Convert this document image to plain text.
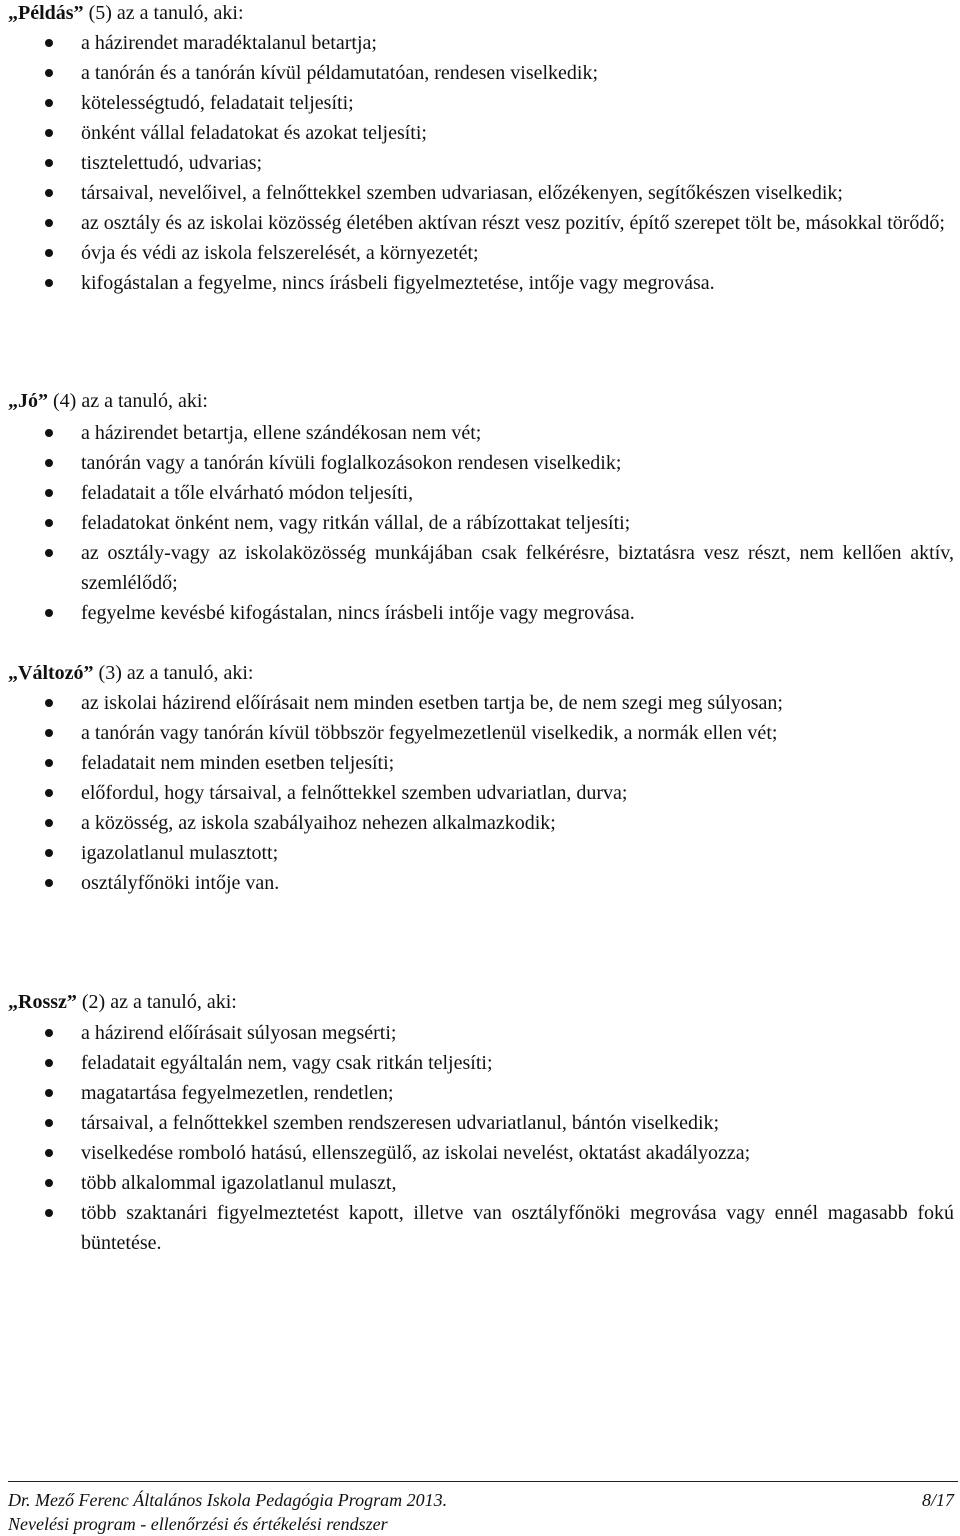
„Példás” (5) az a tanuló, aki:
a házirendet maradéktalanul betartja;
a tanórán és a tanórán kívül példamutatóan, rendesen viselkedik;
kötelességtudó, feladatait teljesíti;
önként vállal feladatokat és azokat teljesíti;
tisztelettudó, udvarias;
társaival, nevelőivel, a felnőttekkel szemben udvariasan, előzékenyen, segítőkészen viselkedik;
az osztály és az iskolai közösség életében aktívan részt vesz pozitív, építő szerepet tölt be, másokkal törődő;
óvja és védi az iskola felszerelését, a környezetét;
kifogástalan a fegyelme, nincs írásbeli figyelmeztetése, intője vagy megrovása.
„Jó” (4) az a tanuló, aki:
a házirendet betartja, ellene szándékosan nem vét;
tanórán vagy a tanórán kívüli foglalkozásokon rendesen viselkedik;
feladatait a tőle elvárható módon teljesíti,
feladatokat önként nem, vagy ritkán vállal, de a rábízottakat teljesíti;
az osztály-vagy az iskolaközösség munkájában csak felkérésre, biztatásra vesz részt, nem kellően aktív, szemlélődő;
fegyelme kevésbé kifogástalan, nincs írásbeli intője vagy megrovása.
„Változó” (3) az a tanuló, aki:
az iskolai házirend előírásait nem minden esetben tartja be, de nem szegi meg súlyosan;
a tanórán vagy tanórán kívül többször fegyelmezetlenül viselkedik, a normák ellen vét;
feladatait nem minden esetben teljesíti;
előfordul, hogy társaival, a felnőttekkel szemben udvariatlan, durva;
a közösség, az iskola szabályaihoz nehezen alkalmazkodik;
igazolatlanul mulasztott;
osztályfőnöki intője van.
„Rossz” (2) az a tanuló, aki:
a házirend előírásait súlyosan megsérti;
feladatait egyáltalán nem, vagy csak ritkán teljesíti;
magatartása fegyelmezetlen, rendetlen;
társaival, a felnőttekkel szemben rendszeresen udvariatlanul, bántón viselkedik;
viselkedése romboló hatású, ellenszegülő, az iskolai nevelést, oktatást akadályozza;
több alkalommal igazolatlanul mulaszt,
több szaktanári figyelmeztetést kapott, illetve van osztályfőnöki megrovása vagy ennél magasabb fokú büntetése.
Dr. Mező Ferenc Általános Iskola Pedagógia Program 2013.	8/17
Nevelési program - ellenőrzési és értékelési rendszer
